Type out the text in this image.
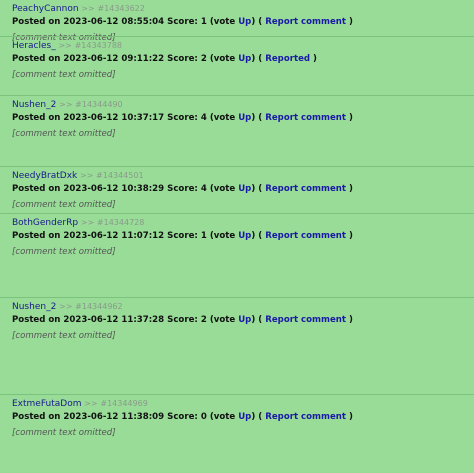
PeachyCannon >> #14343622
Posted on 2023-06-12 08:55:04 Score: 1 (vote Up) ( Report comment )
[comment text omitted]
Heracles_ >> #14343788
Posted on 2023-06-12 09:11:22 Score: 2 (vote Up) ( Reported )
[comment text omitted]
Nushen_2 >> #14344490
Posted on 2023-06-12 10:37:17 Score: 4 (vote Up) ( Report comment )
[comment text omitted]
NeedyBratDxk >> #14344501
Posted on 2023-06-12 10:38:29 Score: 4 (vote Up) ( Report comment )
[comment text omitted]
BothGenderRp >> #14344728
Posted on 2023-06-12 11:07:12 Score: 1 (vote Up) ( Report comment )
[comment text omitted]
Nushen_2 >> #14344962
Posted on 2023-06-12 11:37:28 Score: 2 (vote Up) ( Report comment )
[comment text omitted]
ExtmeFutaDom >> #14344969
Posted on 2023-06-12 11:38:09 Score: 0 (vote Up) ( Report comment )
[comment text omitted]
